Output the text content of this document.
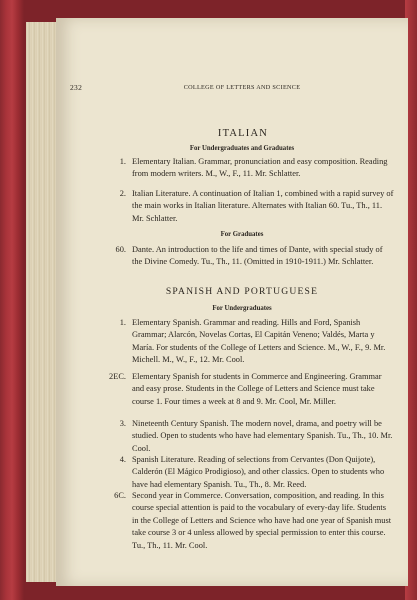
232	COLLEGE OF LETTERS AND SCIENCE
ITALIAN
For Undergraduates and Graduates
1. Elementary Italian. Grammar, pronunciation and easy composition. Reading from modern writers. M., W., F., 11. Mr. Schlatter.
2. Italian Literature. A continuation of Italian 1, combined with a rapid survey of the main works in Italian literature. Alternates with Italian 60. Tu., Th., 11. Mr. Schlatter.
For Graduates
60. Dante. An introduction to the life and times of Dante, with special study of the Divine Comedy. Tu., Th., 11. (Omitted in 1910-1911.) Mr. Schlatter.
SPANISH AND PORTUGUESE
For Undergraduates
1. Elementary Spanish. Grammar and reading. Hills and Ford, Spanish Grammar; Alarcón, Novelas Cortas, El Capitán Veneno; Valdés, Marta y María. For students of the College of Letters and Science. M., W., F., 9. Mr. Michell. M., W., F., 12. Mr. Cool.
2EC. Elementary Spanish for students in Commerce and Engineering. Grammar and easy prose. Students in the College of Letters and Science must take course 1. Four times a week at 8 and 9. Mr. Cool, Mr. Miller.
3. Nineteenth Century Spanish. The modern novel, drama, and poetry will be studied. Open to students who have had elementary Spanish. Tu., Th., 10. Mr. Cool.
4. Spanish Literature. Reading of selections from Cervantes (Don Quijote), Calderón (El Mágico Prodigioso), and other classics. Open to students who have had elementary Spanish. Tu., Th., 8. Mr. Reed.
6C. Second year in Commerce. Conversation, composition, and reading. In this course special attention is paid to the vocabulary of every-day life. Students in the College of Letters and Science who have had one year of Spanish must take course 3 or 4 unless allowed by special permission to enter this course. Tu., Th., 11. Mr. Cool.
